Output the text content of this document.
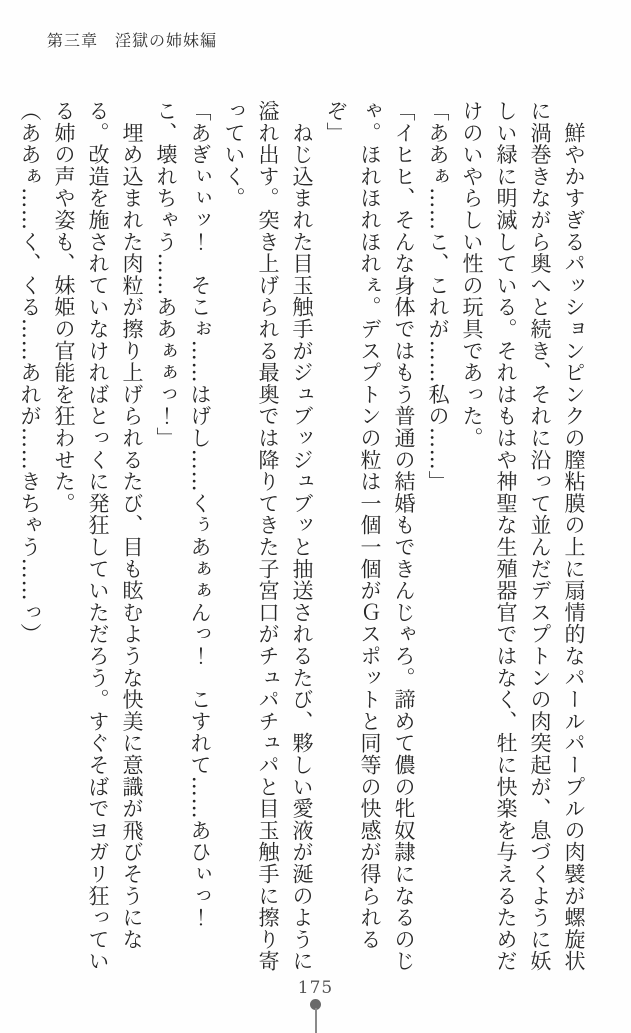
第三章　淫獄の姉妹編

　鮮やかすぎるパッションピンクの膣粘膜の上に扇情的なパールパープルの肉襞が螺旋状に渦巻きながら奥へと続き、それに沿って並んだデスプトンの肉突起が、息づくように妖しい緑に明滅している。それはもはや神聖な生殖器官ではなく、牡に快楽を与えるためだけのいやらしい性の玩具であった。

「ああぁ……こ、これが……私の……」

「イヒヒ、そんな身体ではもう普通の結婚もできんじゃろ。諦めて儂の牝奴隷になるのじゃ。ほれほれほれぇ。デスプトンの粒は一個一個がＧスポットと同等の快感が得られるぞ」

　ねじ込まれた目玉触手がジュブッジュブッと抽送されるたび、夥しい愛液が涎のように溢れ出す。突き上げられる最奥では降りてきた子宮口がチュパチュパと目玉触手に擦り寄っていく。

「あぎぃぃッ！　そこぉ……はげし……くぅあぁぁんっ！　こすれて……あひぃっ！　こ、壊れちゃう……ああぁぁっ！」

　埋め込まれた肉粒が擦り上げられるたび、目も眩むような快美に意識が飛びそうになる。改造を施されていなければとっくに発狂していただろう。すぐそばでヨガリ狂っている姉の声や姿も、妹姫の官能を狂わせた。

（ああぁ……く、くる……あれが……きちゃう……っ）

175
